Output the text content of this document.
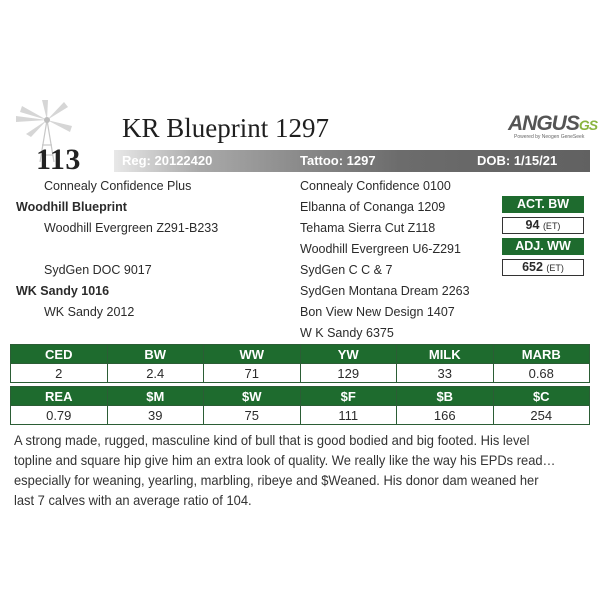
113
KR Blueprint 1297	ANGUSGS
Powered by Neogen GeneSeek
Reg: 20122420	Tattoo: 1297	DOB: 1/15/21
Connealy Confidence Plus
Woodhill Blueprint
Woodhill Evergreen Z291-B233
SydGen DOC 9017
WK Sandy 1016
WK Sandy 2012
Connealy Confidence 0100
Elbanna of Conanga 1209
Tehama Sierra Cut Z118
Woodhill Evergreen U6-Z291
SydGen C C & 7
SydGen Montana Dream 2263
Bon View New Design 1407
W K Sandy 6375
ACT. BW
94 (ET)
ADJ. WW
652 (ET)
CED	BW	WW	YW	MILK	MARB
2	2.4	71	129	33	0.68
REA	$M	$W	$F	$B	$C
0.79	39	75	111	166	254
A strong made, rugged, masculine kind of bull that is good bodied and big footed. His level topline and square hip give him an extra look of quality. We really like the way his EPDs read…especially for weaning, yearling, marbling, ribeye and $Weaned. His donor dam weaned her last 7 calves with an average ratio of 104.
